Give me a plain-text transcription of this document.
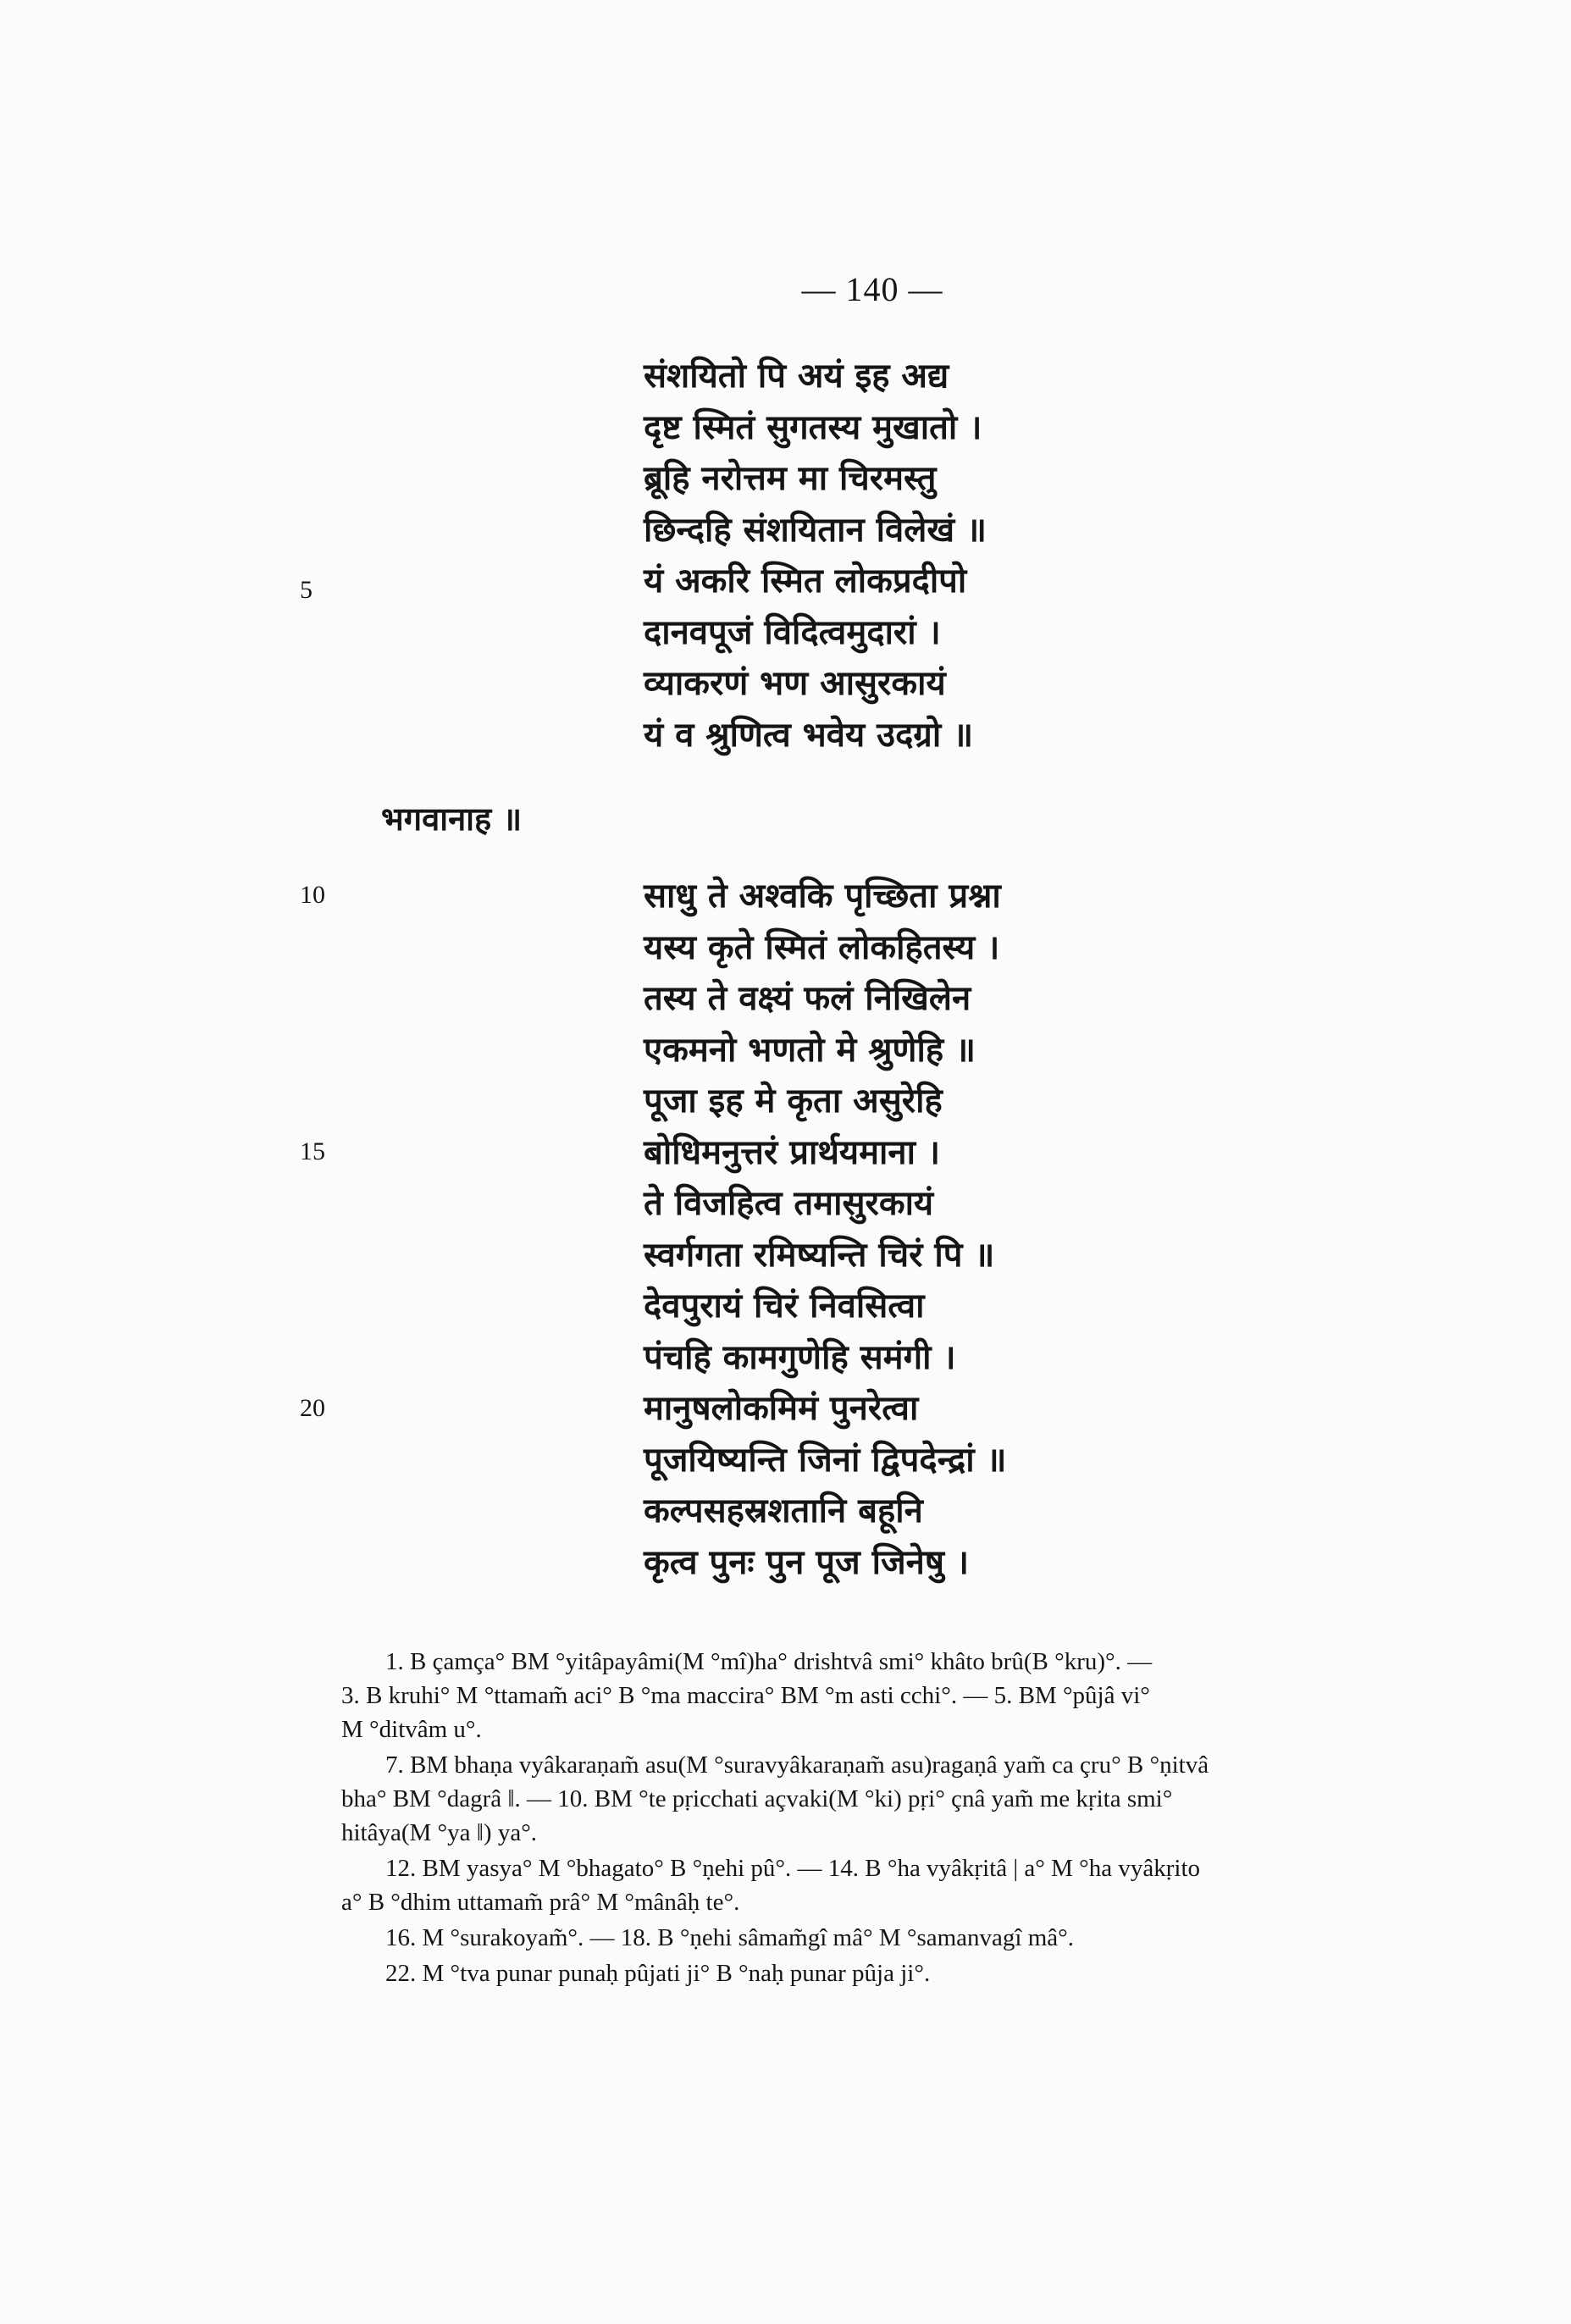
— 140 —
संशयितो पि अयं इह अद्य
दृष्ट स्मितं सुगतस्य मुखातो ।
ब्रूहि नरोत्तम मा चिरमस्तु
छिन्दहि संशयितान विलेखं ॥
यं अकरि स्मित लोकप्रदीपो
दानवपूजं विदित्वमुदारां ।
व्याकरणं भण आसुरकायं
यं व श्रुणित्व भवेय उदग्रो ॥
5
भगवानाह ॥
साधु ते अश्वकि पृच्छिता प्रश्ना
यस्य कृते स्मितं लोकहितस्य ।
तस्य ते वक्ष्यं फलं निखिलेन
एकमनो भणतो मे श्रुणेहि ॥
पूजा इह मे कृता असुरेहि
बोधिमनुत्तरं प्रार्थयमाना ।
ते विजहित्व तमासुरकायं
स्वर्गगता रमिष्यन्ति चिरं पि ॥
देवपुरायं चिरं निवसित्वा
पंचहि कामगुणेहि समंगी ।
मानुषलोकमिमं पुनरेत्वा
पूजयिष्यन्ति जिनां द्विपदेन्द्रां ॥
कल्पसहस्रशतानि बहूनि
कृत्व पुनः पुन पूज जिनेषु ।
10
15
20

1. B çamça° BM °yitâpayâmi(M °mî)ha° drishtvâ smi° khâto brû(B °kru)°. —
3. B kruhi° M °ttamam̃ aci° B °ma maccira° BM °m asti cchi°. — 5. BM °pûjâ vi°
M °ditvâm u°.

7. BM bhaṇa vyâkaraṇam̃ asu(M °suravyâkaraṇam̃ asu)ragaṇâ yam̃ ca çru° B °ṇitvâ
bha° BM °dagrâ ‖. — 10. BM °te pṛicchati açvaki(M °ki) pṛi° çnâ yam̃ me kṛita smi°
hitâya(M °ya ‖) ya°.

12. BM yasya° M °bhagato° B °ṇehi pû°. — 14. B °ha vyâkṛitâ | a° M °ha vyâkṛito
a° B °dhim uttamam̃ prâ° M °mânâḥ te°.

16. M °surakoyam̃°. — 18. B °ṇehi sâmam̃gî mâ° M °samanvagî mâ°.

22. M °tva punar punaḥ pûjati ji° B °naḥ punar pûja ji°.
